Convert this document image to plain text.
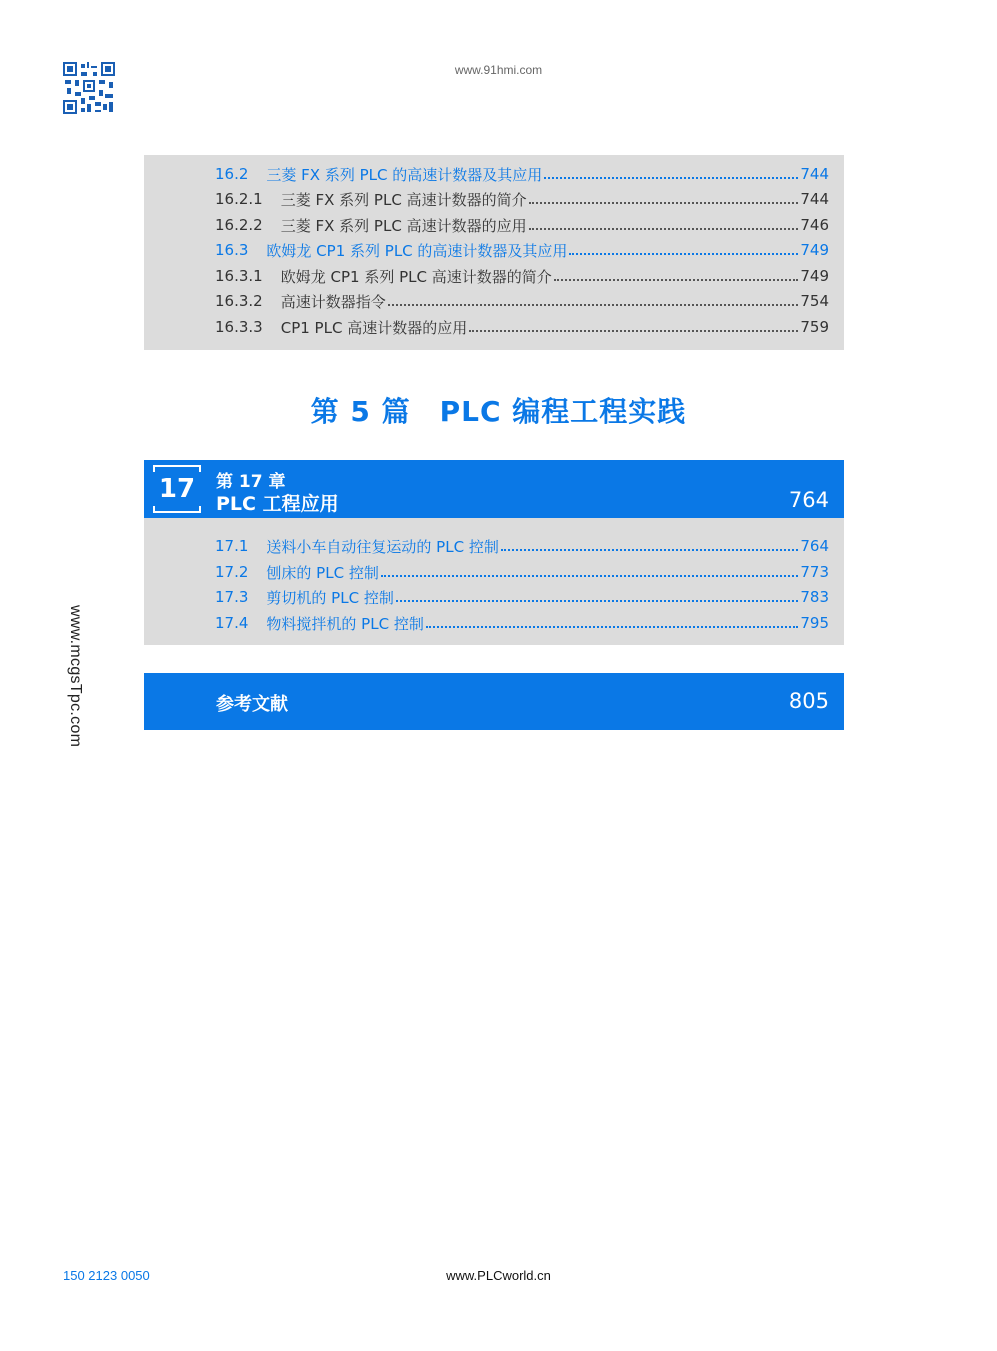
www.91hmi.com
www.mcgsTpc.com
16.2 三菱 FX 系列 PLC 的高速计数器及其应用	744
16.2.1 三菱 FX 系列 PLC 高速计数器的简介	744
16.2.2 三菱 FX 系列 PLC 高速计数器的应用	746
16.3 欧姆龙 CP1 系列 PLC 的高速计数器及其应用	749
16.3.1 欧姆龙 CP1 系列 PLC 高速计数器的简介	749
16.3.2 高速计数器指令	754
16.3.3 CP1 PLC 高速计数器的应用	759
第 5 篇　PLC 编程工程实践
17 第 17 章
PLC 工程应用	764
17.1 送料小车自动往复运动的 PLC 控制	764
17.2 刨床的 PLC 控制	773
17.3 剪切机的 PLC 控制	783
17.4 物料搅拌机的 PLC 控制	795
参考文献	805
150 2123 0050	www.PLCworld.cn
